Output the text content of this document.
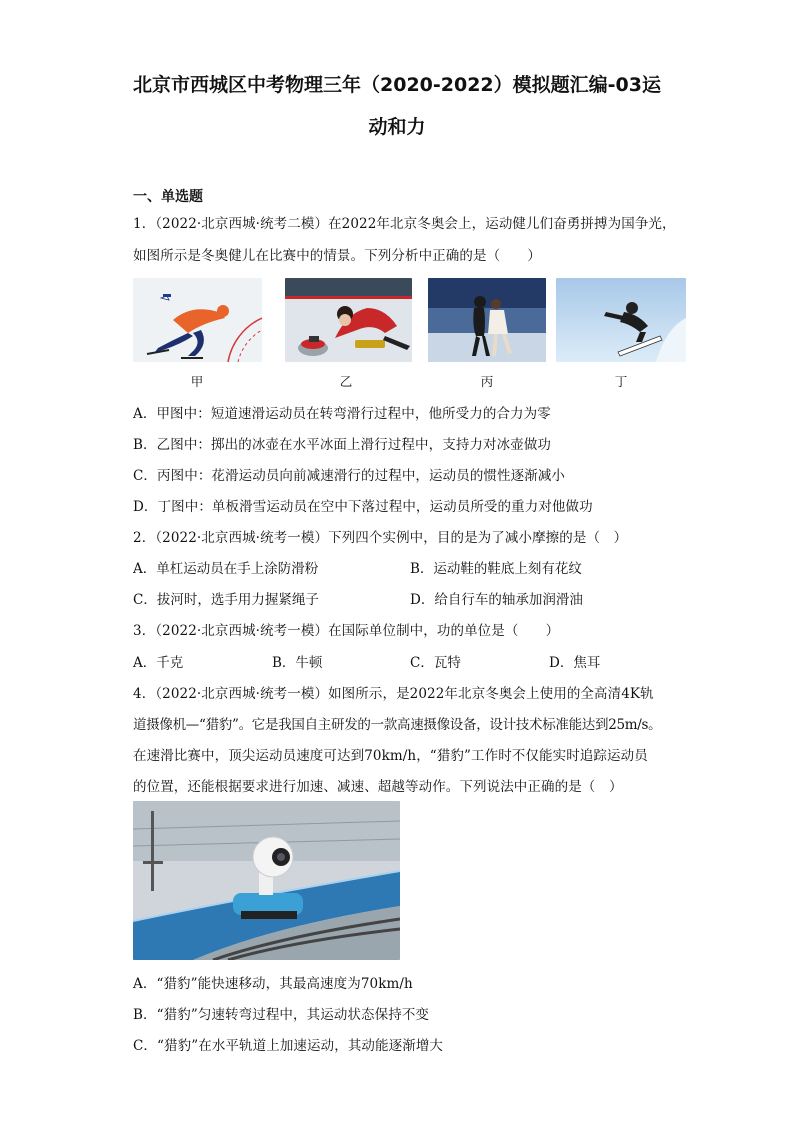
北京市西城区中考物理三年（2020-2022）模拟题汇编-03运
动和力
一、单选题
1．（2022·北京西城·统考二模）在2022年北京冬奥会上，运动健儿们奋勇拼搏为国争光，
如图所示是冬奥健儿在比赛中的情景。下列分析中正确的是（　　）
甲	乙	丙	丁
A．甲图中：短道速滑运动员在转弯滑行过程中，他所受力的合力为零
B．乙图中：掷出的冰壶在水平冰面上滑行过程中，支持力对冰壶做功
C．丙图中：花滑运动员向前减速滑行的过程中，运动员的惯性逐渐减小
D．丁图中：单板滑雪运动员在空中下落过程中，运动员所受的重力对他做功
2．（2022·北京西城·统考一模）下列四个实例中，目的是为了减小摩擦的是（　）
A．单杠运动员在手上涂防滑粉	B．运动鞋的鞋底上刻有花纹
C．拔河时，选手用力握紧绳子	D．给自行车的轴承加润滑油
3．（2022·北京西城·统考一模）在国际单位制中，功的单位是（　　）
A．千克	B．牛顿	C．瓦特	D．焦耳
4．（2022·北京西城·统考一模）如图所示，是2022年北京冬奥会上使用的全高清4K轨
道摄像机—“猎豹”。它是我国自主研发的一款高速摄像设备，设计技术标准能达到25m/s。
在速滑比赛中，顶尖运动员速度可达到70km/h，“猎豹”工作时不仅能实时追踪运动员
的位置，还能根据要求进行加速、减速、超越等动作。下列说法中正确的是（　）
A．“猎豹”能快速移动，其最高速度为70km/h
B．“猎豹”匀速转弯过程中，其运动状态保持不变
C．“猎豹”在水平轨道上加速运动，其动能逐渐增大
